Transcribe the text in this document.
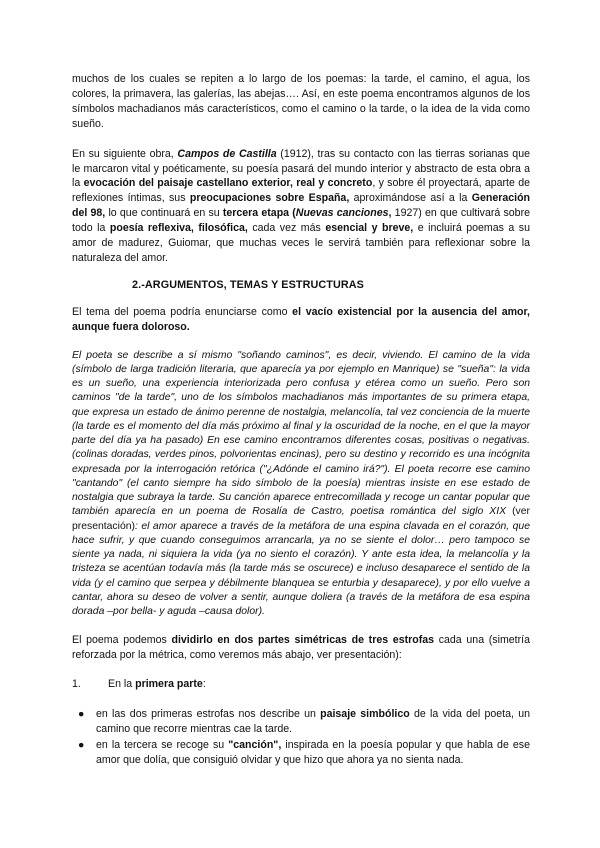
muchos de los cuales se repiten a lo largo de los poemas: la tarde, el camino, el agua, los colores, la primavera, las galerías, las abejas…. Así, en este poema encontramos algunos de los símbolos machadianos más característicos, como el camino o la tarde, o la idea de la vida como sueño.

En su siguiente obra, Campos de Castilla (1912), tras su contacto con las tierras sorianas que le marcaron vital y poéticamente, su poesía pasará del mundo interior y abstracto de esta obra a la evocación del paisaje castellano exterior, real y concreto, y sobre él proyectará, aparte de reflexiones íntimas, sus preocupaciones sobre España, aproximándose así a la Generación del 98, lo que continuará en su tercera etapa (Nuevas canciones, 1927) en que cultivará sobre todo la poesía reflexiva, filosófica, cada vez más esencial y breve, e incluirá poemas a su amor de madurez, Guiomar, que muchas veces le servirá también para reflexionar sobre la naturaleza del amor.

2.-ARGUMENTOS, TEMAS Y ESTRUCTURAS

El tema del poema podría enunciarse como el vacío existencial por la ausencia del amor, aunque fuera doloroso.

El poeta se describe a sí mismo "soñando caminos", es decir, viviendo. El camino de la vida (símbolo de larga tradición literaria, que aparecía ya por ejemplo en Manrique) se "sueña": la vida es un sueño, una experiencia interiorizada pero confusa y etérea como un sueño. Pero son caminos "de la tarde", uno de los símbolos machadianos más importantes de su primera etapa, que expresa un estado de ánimo perenne de nostalgia, melancolía, tal vez conciencia de la muerte (la tarde es el momento del día más próximo al final y la oscuridad de la noche, en el que la mayor parte del día ya ha pasado) En ese camino encontramos diferentes cosas, positivas o negativas. (colinas doradas, verdes pinos, polvorientas encinas), pero su destino y recorrido es una incógnita expresada por la interrogación retórica ("¿Adónde el camino irá?"). El poeta recorre ese camino "cantando" (el canto siempre ha sido símbolo de la poesía) mientras insiste en ese estado de nostalgia que subraya la tarde. Su canción aparece entrecomillada y recoge un cantar popular que también aparecía en un poema de Rosalía de Castro, poetisa romántica del siglo XIX (ver presentación): el amor aparece a través de la metáfora de una espina clavada en el corazón, que hace sufrir, y que cuando conseguimos arrancarla, ya no se siente el dolor… pero tampoco se siente ya nada, ni siquiera la vida (ya no siento el corazón). Y ante esta idea, la melancolía y la tristeza se acentúan todavía más (la tarde más se oscurece) e incluso desaparece el sentido de la vida (y el camino que serpea y débilmente blanquea se enturbia y desaparece), y por ello vuelve a cantar, ahora su deseo de volver a sentir, aunque doliera (a través de la metáfora de esa espina dorada –por bella- y aguda –causa dolor).

El poema podemos dividirlo en dos partes simétricas de tres estrofas cada una (simetría reforzada por la métrica, como veremos más abajo, ver presentación):

1.	En la primera parte:
● en las dos primeras estrofas nos describe un paisaje simbólico de la vida del poeta, un camino que recorre mientras cae la tarde.
● en la tercera se recoge su "canción", inspirada en la poesía popular y que habla de ese amor que dolía, que consiguió olvidar y que hizo que ahora ya no sienta nada.
